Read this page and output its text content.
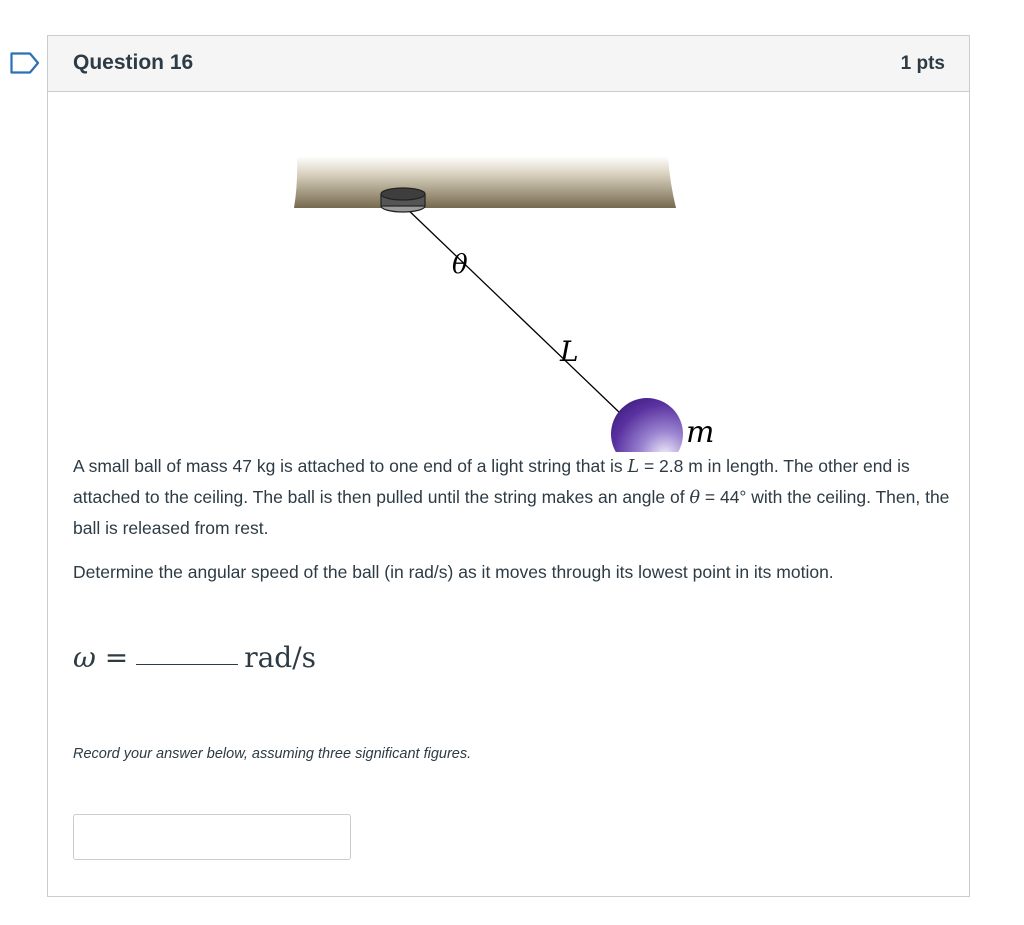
Question 16	1 pts
θ
L
m

A small ball of mass 47 kg is attached to one end of a light string that is L = 2.8 m in length. The other end is attached to the ceiling. The ball is then pulled until the string makes an angle of θ = 44° with the ceiling. Then, the ball is released from rest.

Determine the angular speed of the ball (in rad/s) as it moves through its lowest point in its motion.

ω =	rad/s
Record your answer below, assuming three significant figures.
